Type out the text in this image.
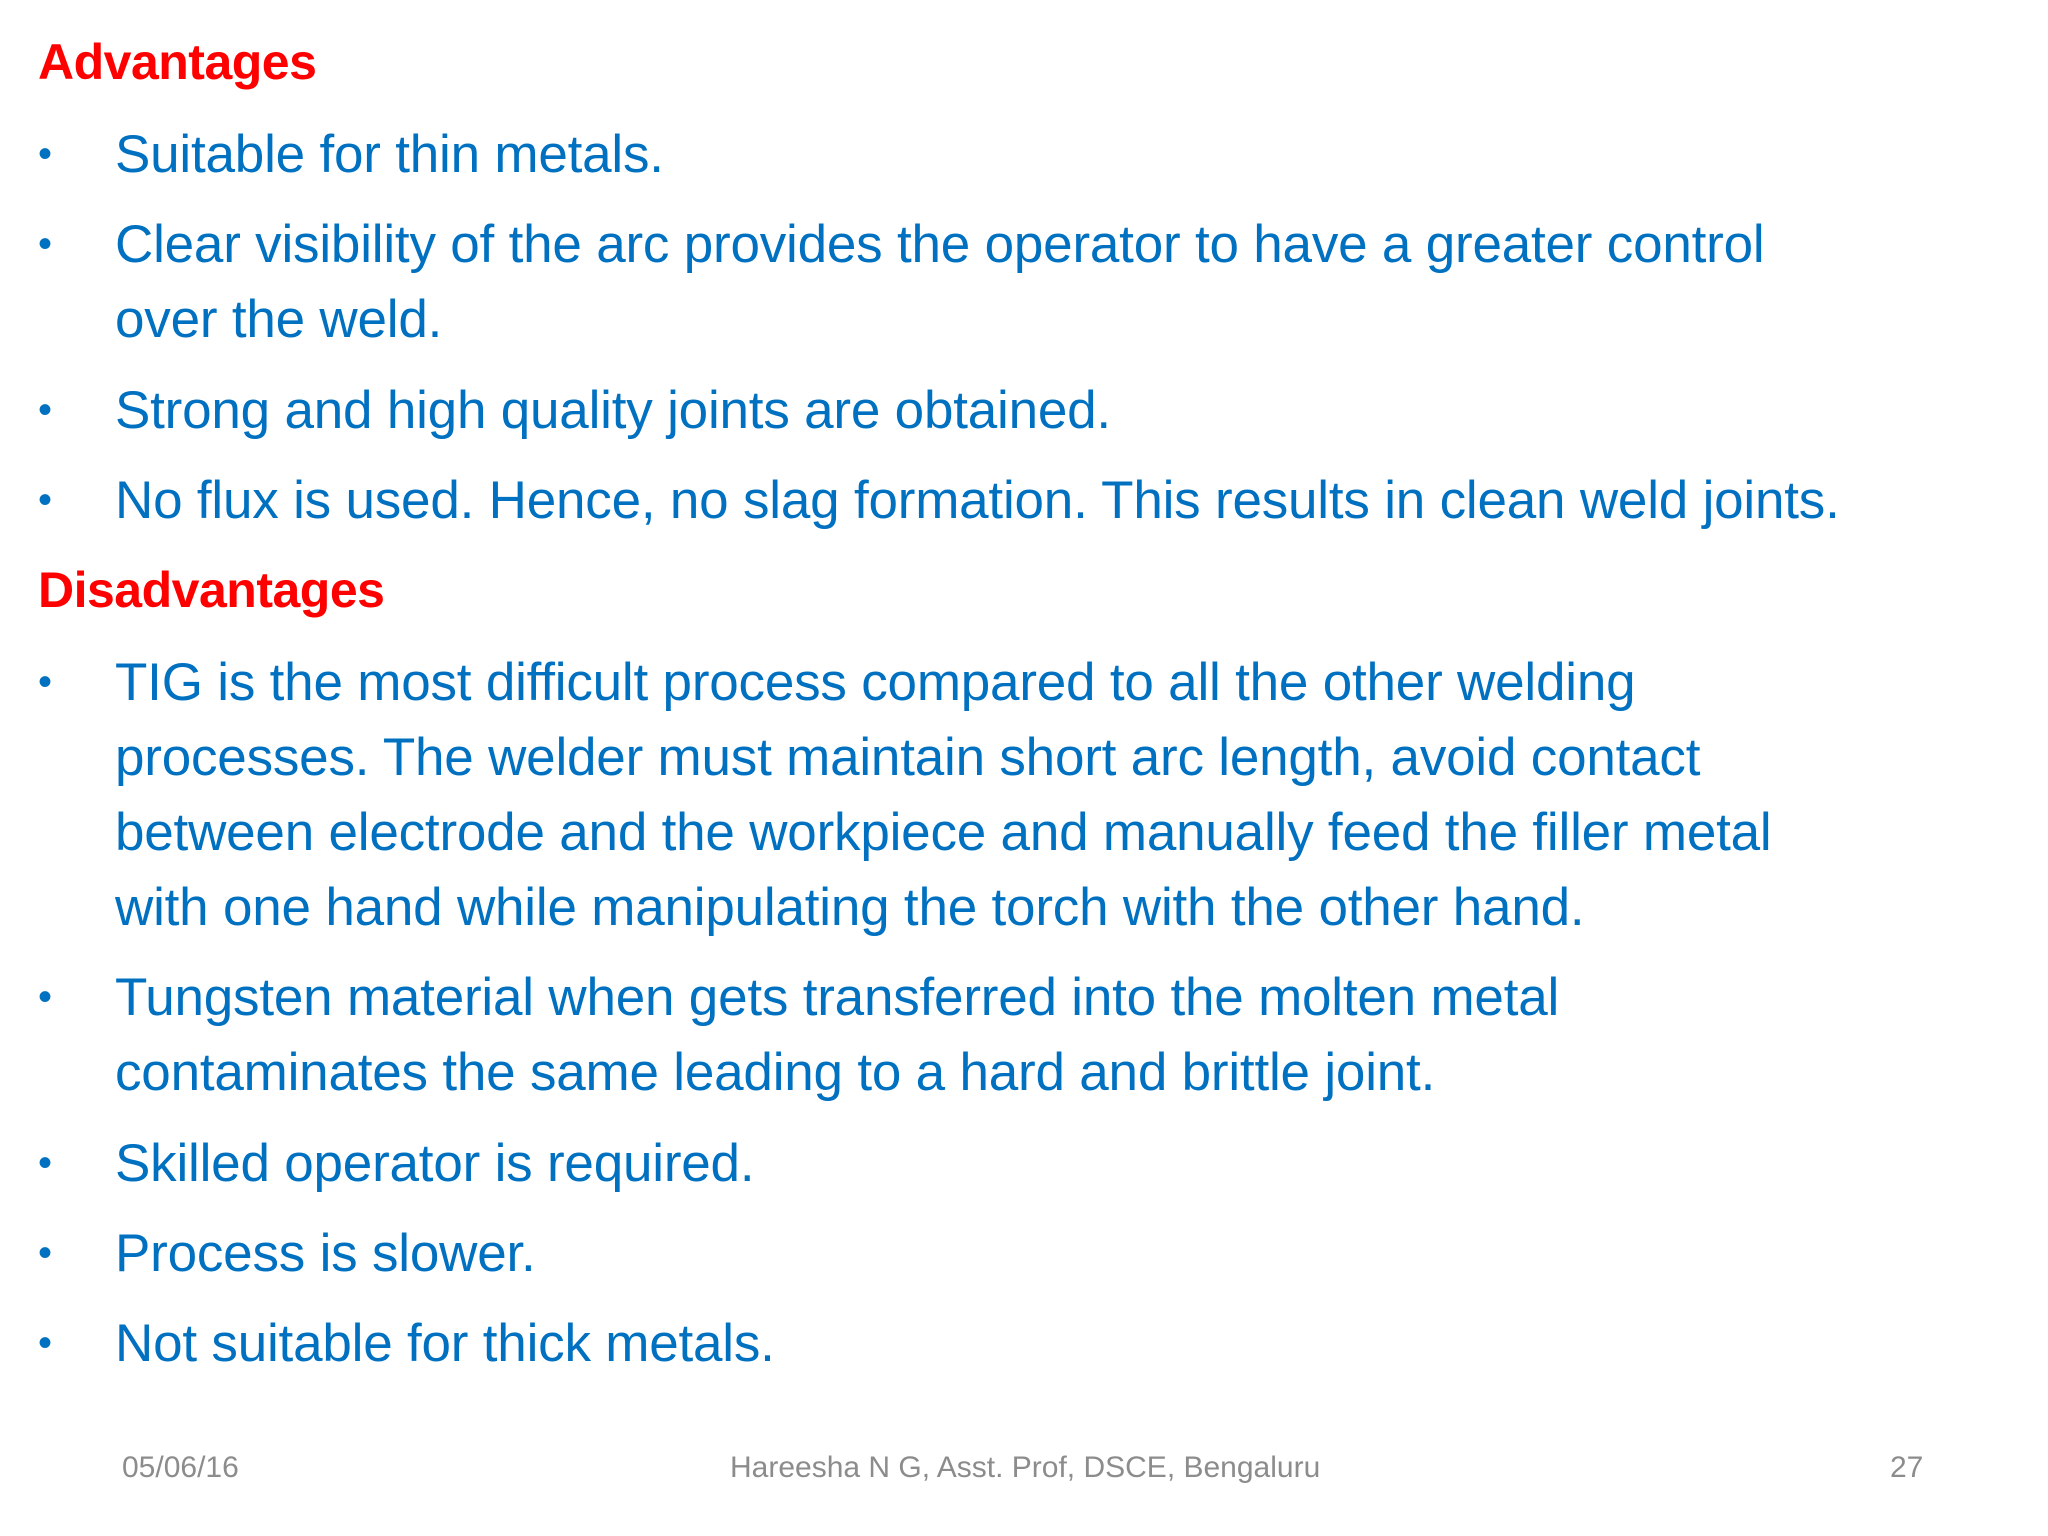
Advantages
•	Suitable for thin metals.
•	Clear visibility of the arc provides the operator to have a greater control
over the weld.
•	Strong and high quality joints are obtained.
•	No flux is used. Hence, no slag formation. This results in clean weld joints.
Disadvantages
•	TIG is the most difficult process compared to all the other welding
processes. The welder must maintain short arc length, avoid contact
between electrode and the workpiece and manually feed the filler metal
with one hand while manipulating the torch with the other hand.
•	Tungsten material when gets transferred into the molten metal
contaminates the same leading to a hard and brittle joint.
•	Skilled operator is required.
•	Process is slower.
•	Not suitable for thick metals.
05/06/16	Hareesha N G, Asst. Prof, DSCE, Bengaluru	27
